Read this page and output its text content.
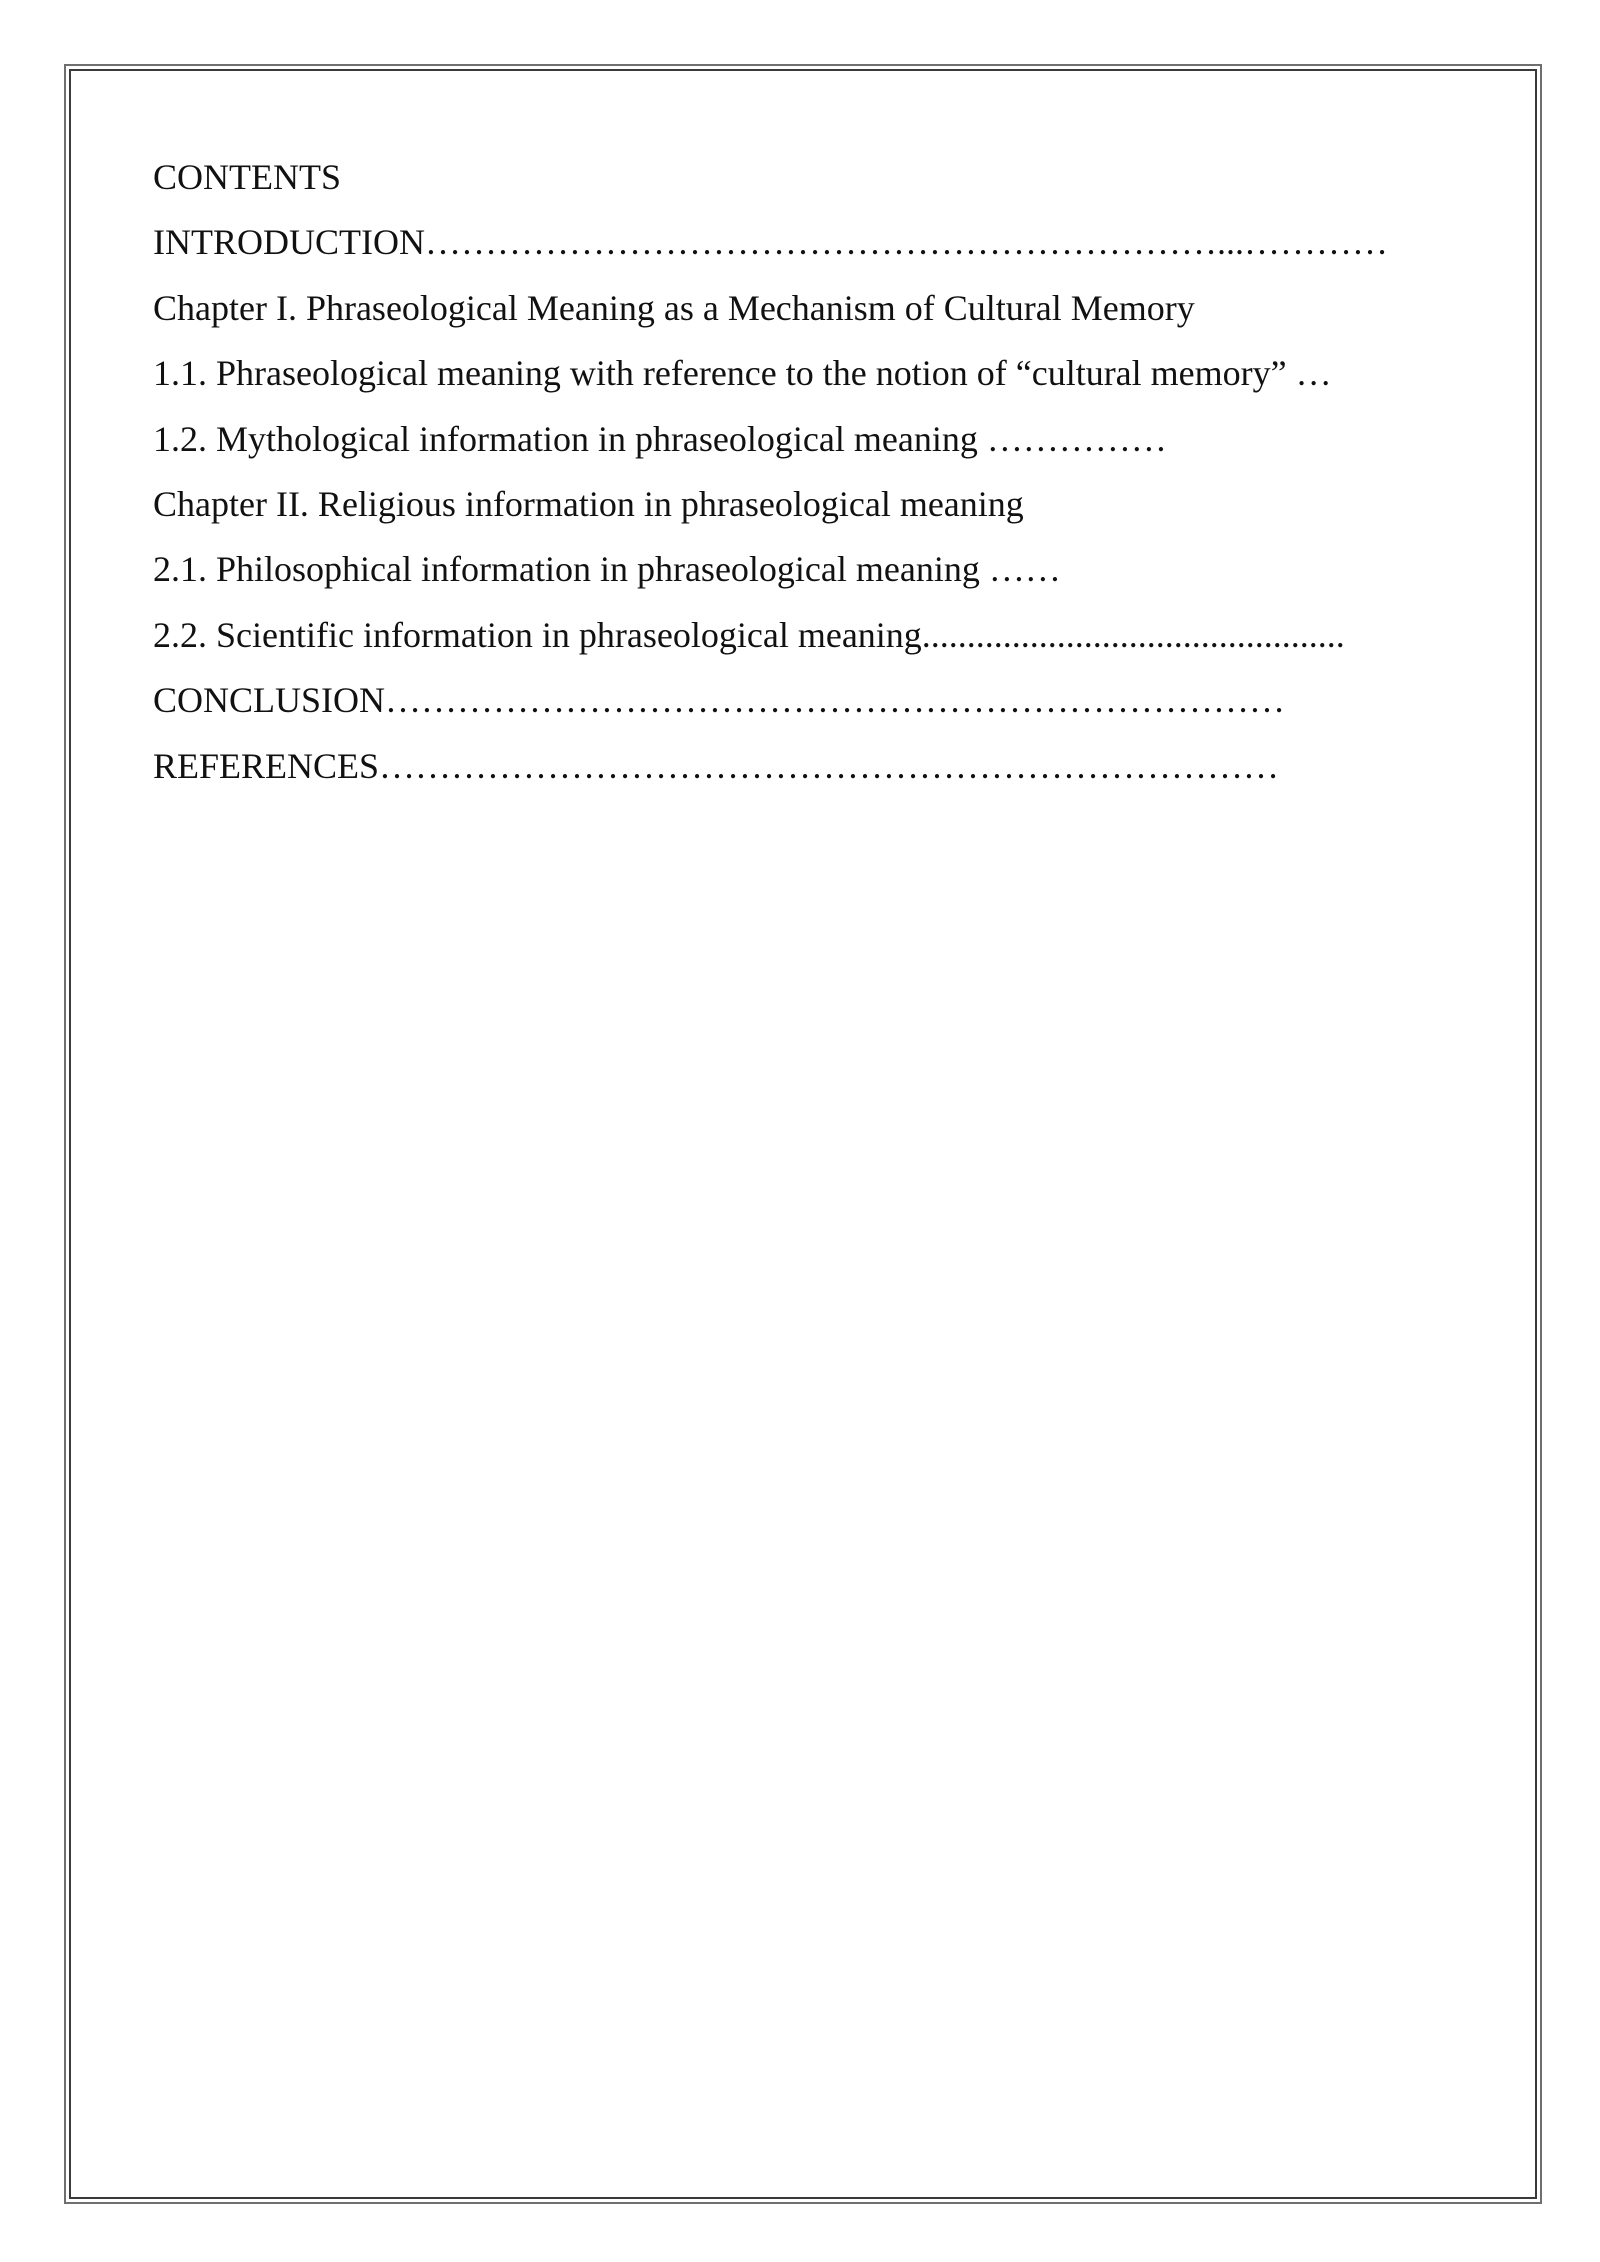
CONTENTS

INTRODUCTION…………………………………………………………...…………

Chapter I. Phraseological Meaning as a Mechanism of Cultural Memory

1.1. Phraseological meaning with reference to the notion of “cultural memory” …

1.2. Mythological information in phraseological meaning ……………

Chapter II. Religious information in phraseological meaning

2.1. Philosophical information in phraseological meaning ……

2.2. Scientific information in phraseological meaning...............................................

CONCLUSION…………………………………………………………………

REFERENCES…………………………………………………………………
